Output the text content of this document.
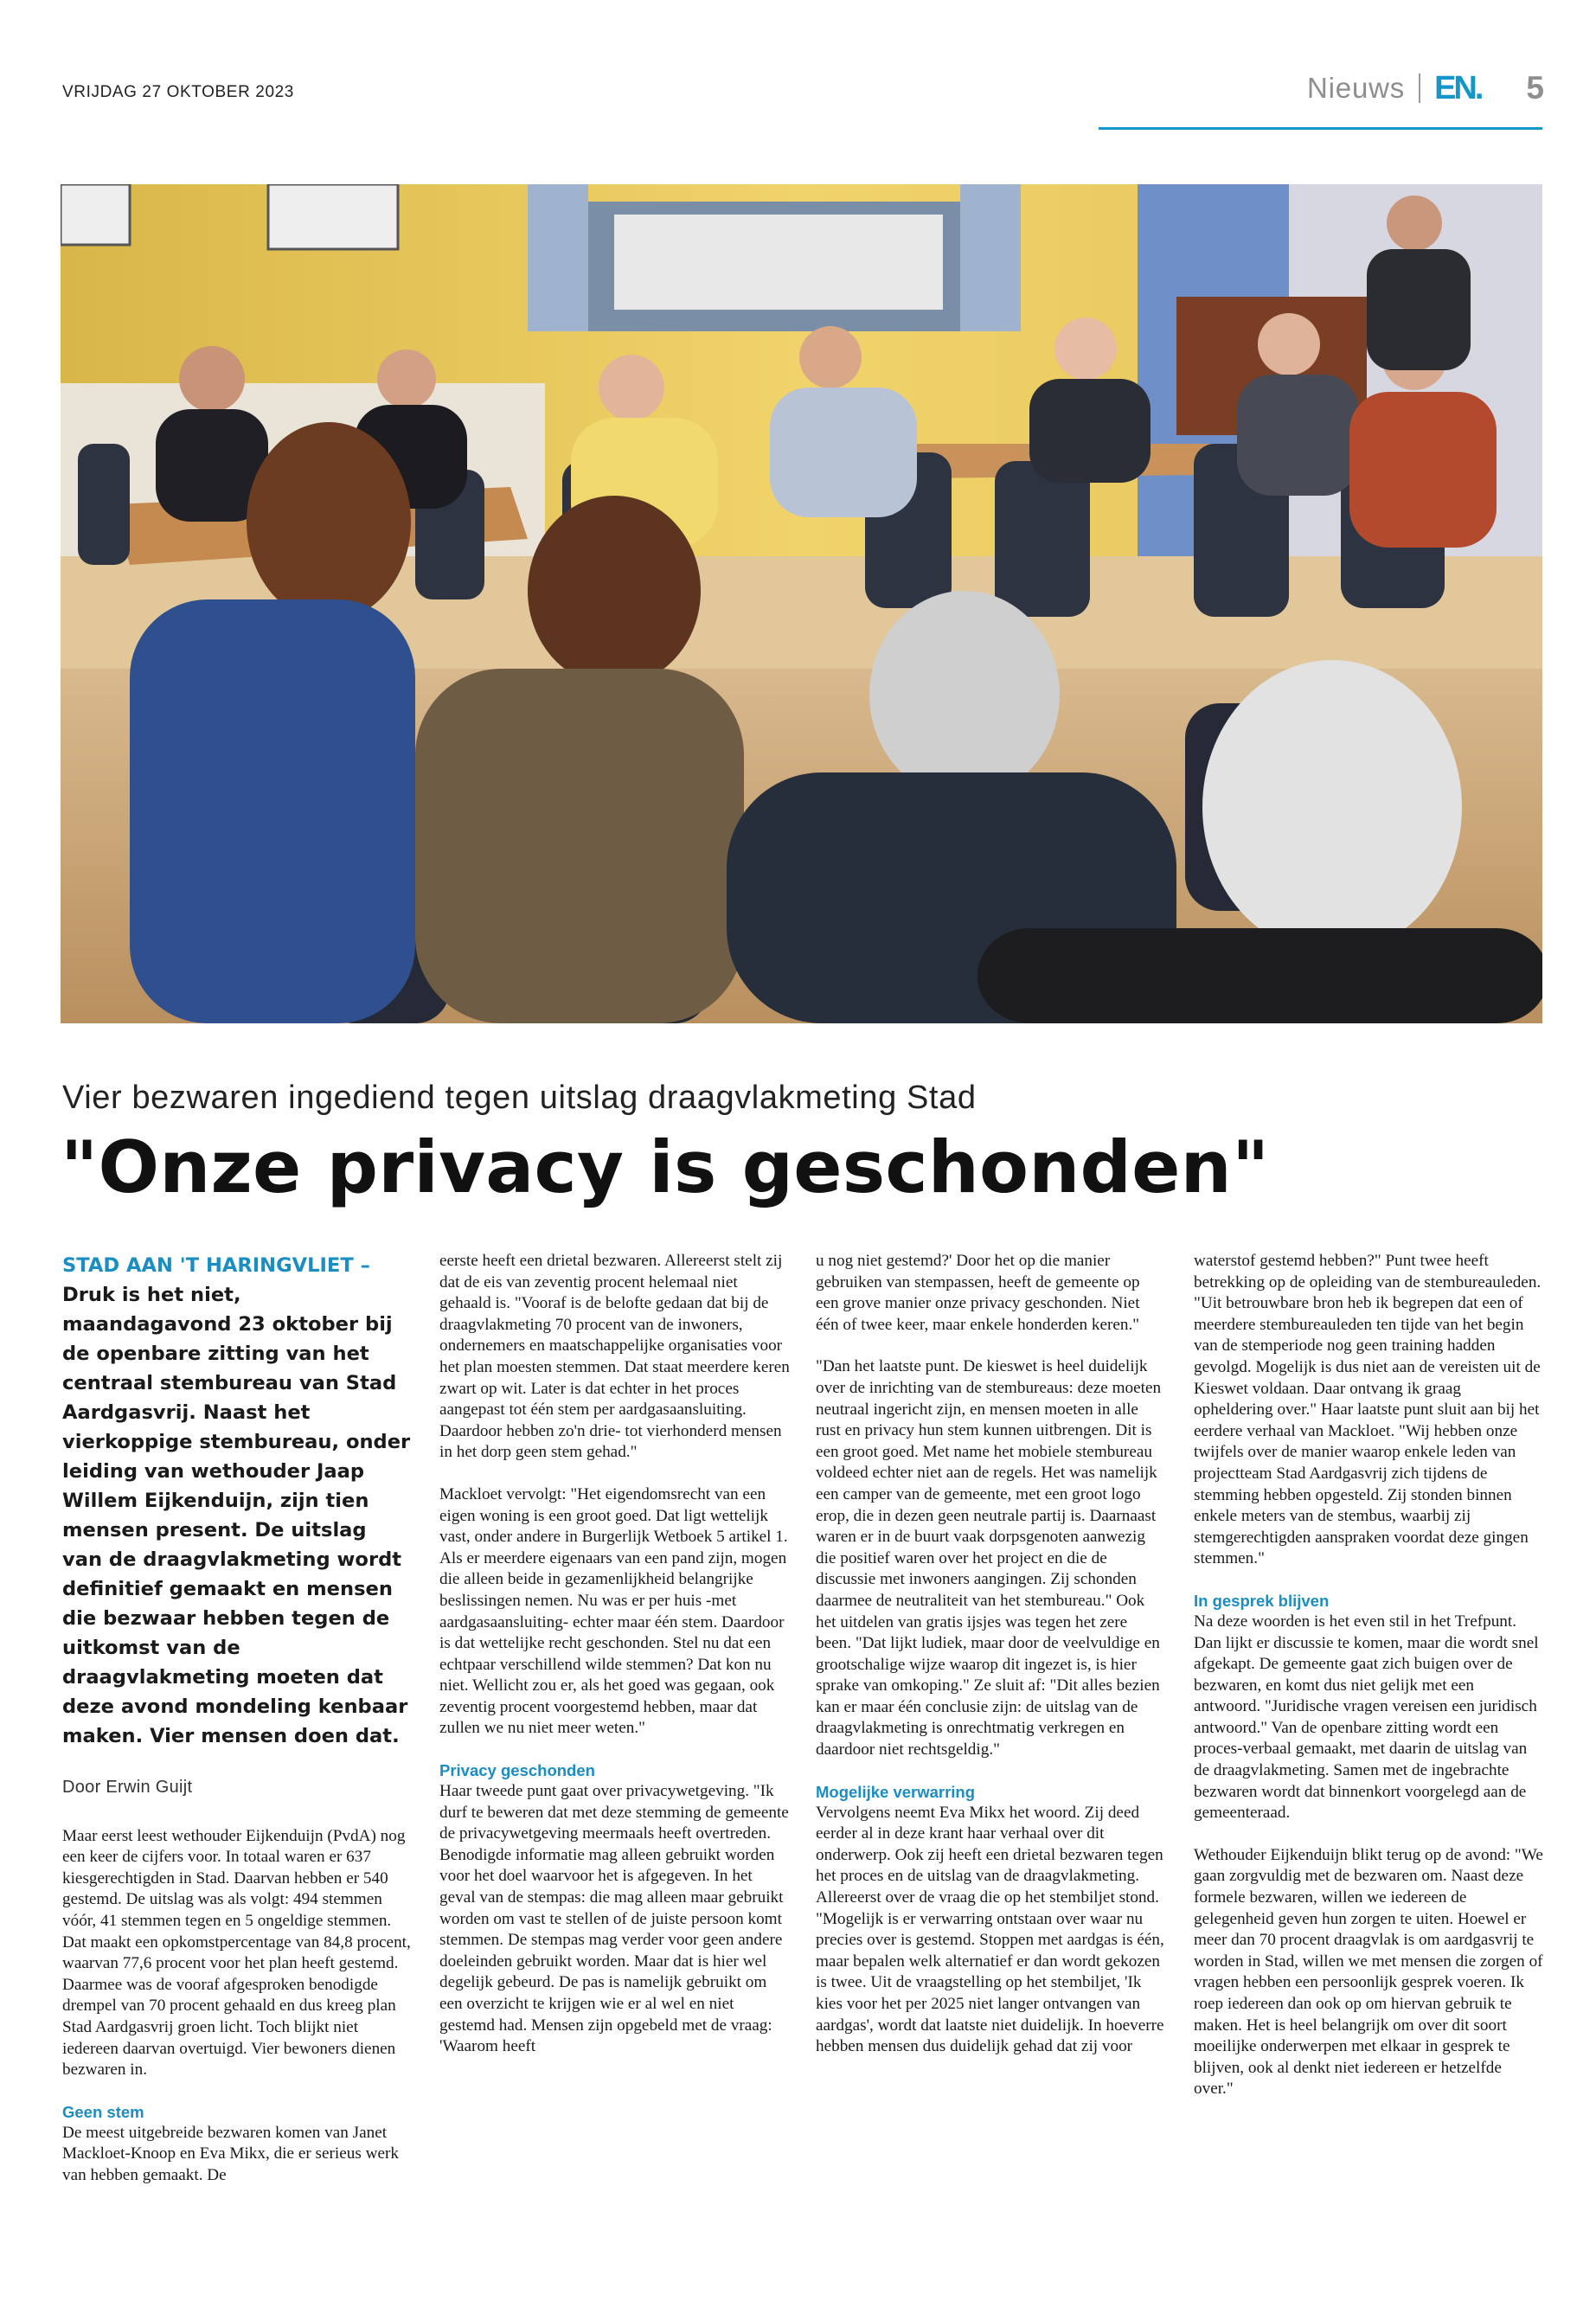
VRIJDAG 27 OKTOBER 2023	Nieuws EN. 5
Vier bezwaren ingediend tegen uitslag draagvlakmeting Stad
"Onze privacy is geschonden"

STAD AAN 'T HARINGVLIET – Druk is het niet, maandagavond 23 oktober bij de openbare zitting van het centraal stembureau van Stad Aardgasvrij. Naast het vierkoppige stembureau, onder leiding van wethouder Jaap Willem Eijkenduijn, zijn tien mensen present. De uitslag van de draagvlakmeting wordt definitief gemaakt en mensen die bezwaar hebben tegen de uitkomst van de draagvlakmeting moeten dat deze avond mondeling kenbaar maken. Vier mensen doen dat.

Door Erwin Guijt

Maar eerst leest wethouder Eijkenduijn (PvdA) nog een keer de cijfers voor. In totaal waren er 637 kiesgerechtigden in Stad. Daarvan hebben er 540 gestemd. De uitslag was als volgt: 494 stemmen vóór, 41 stemmen tegen en 5 ongeldige stemmen. Dat maakt een opkomstpercentage van 84,8 procent, waarvan 77,6 procent voor het plan heeft gestemd. Daarmee was de vooraf afgesproken benodigde drempel van 70 procent gehaald en dus kreeg plan Stad Aardgasvrij groen licht. Toch blijkt niet iedereen daarvan overtuigd. Vier bewoners dienen bezwaren in.

Geen stem

De meest uitgebreide bezwaren komen van Janet Mackloet-Knoop en Eva Mikx, die er serieus werk van hebben gemaakt. De

eerste heeft een drietal bezwaren. Allereerst stelt zij dat de eis van zeventig procent helemaal niet gehaald is. "Vooraf is de belofte gedaan dat bij de draagvlakmeting 70 procent van de inwoners, ondernemers en maatschappelijke organisaties voor het plan moesten stemmen. Dat staat meerdere keren zwart op wit. Later is dat echter in het proces aangepast tot één stem per aardgasaansluiting. Daardoor hebben zo'n drie- tot vierhonderd mensen in het dorp geen stem gehad."

Mackloet vervolgt: "Het eigendomsrecht van een eigen woning is een groot goed. Dat ligt wettelijk vast, onder andere in Burgerlijk Wetboek 5 artikel 1. Als er meerdere eigenaars van een pand zijn, mogen die alleen beide in gezamenlijkheid belangrijke beslissingen nemen. Nu was er per huis -met aardgasaansluiting- echter maar één stem. Daardoor is dat wettelijke recht geschonden. Stel nu dat een echtpaar verschillend wilde stemmen? Dat kon nu niet. Wellicht zou er, als het goed was gegaan, ook zeventig procent voorgestemd hebben, maar dat zullen we nu niet meer weten."

Privacy geschonden

Haar tweede punt gaat over privacywetgeving. "Ik durf te beweren dat met deze stemming de gemeente de privacywetgeving meermaals heeft overtreden. Benodigde informatie mag alleen gebruikt worden voor het doel waarvoor het is afgegeven. In het geval van de stempas: die mag alleen maar gebruikt worden om vast te stellen of de juiste persoon komt stemmen. De stempas mag verder voor geen andere doeleinden gebruikt worden. Maar dat is hier wel degelijk gebeurd. De pas is namelijk gebruikt om een overzicht te krijgen wie er al wel en niet gestemd had. Mensen zijn opgebeld met de vraag: 'Waarom heeft

u nog niet gestemd?' Door het op die manier gebruiken van stempassen, heeft de gemeente op een grove manier onze privacy geschonden. Niet één of twee keer, maar enkele honderden keren."

"Dan het laatste punt. De kieswet is heel duidelijk over de inrichting van de stembureaus: deze moeten neutraal ingericht zijn, en mensen moeten in alle rust en privacy hun stem kunnen uitbrengen. Dit is een groot goed. Met name het mobiele stembureau voldeed echter niet aan de regels. Het was namelijk een camper van de gemeente, met een groot logo erop, die in dezen geen neutrale partij is. Daarnaast waren er in de buurt vaak dorpsgenoten aanwezig die positief waren over het project en die de discussie met inwoners aangingen. Zij schonden daarmee de neutraliteit van het stembureau." Ook het uitdelen van gratis ijsjes was tegen het zere been. "Dat lijkt ludiek, maar door de veelvuldige en grootschalige wijze waarop dit ingezet is, is hier sprake van omkoping." Ze sluit af: "Dit alles bezien kan er maar één conclusie zijn: de uitslag van de draagvlakmeting is onrechtmatig verkregen en daardoor niet rechtsgeldig."

Mogelijke verwarring

Vervolgens neemt Eva Mikx het woord. Zij deed eerder al in deze krant haar verhaal over dit onderwerp. Ook zij heeft een drietal bezwaren tegen het proces en de uitslag van de draagvlakmeting. Allereerst over de vraag die op het stembiljet stond. "Mogelijk is er verwarring ontstaan over waar nu precies over is gestemd. Stoppen met aardgas is één, maar bepalen welk alternatief er dan wordt gekozen is twee. Uit de vraagstelling op het stembiljet, 'Ik kies voor het per 2025 niet langer ontvangen van aardgas', wordt dat laatste niet duidelijk. In hoeverre hebben mensen dus duidelijk gehad dat zij voor

waterstof gestemd hebben?" Punt twee heeft betrekking op de opleiding van de stembureauleden. "Uit betrouwbare bron heb ik begrepen dat een of meerdere stembureauleden ten tijde van het begin van de stemperiode nog geen training hadden gevolgd. Mogelijk is dus niet aan de vereisten uit de Kieswet voldaan. Daar ontvang ik graag opheldering over." Haar laatste punt sluit aan bij het eerdere verhaal van Mackloet. "Wij hebben onze twijfels over de manier waarop enkele leden van projectteam Stad Aardgasvrij zich tijdens de stemming hebben opgesteld. Zij stonden binnen enkele meters van de stembus, waarbij zij stemgerechtigden aanspraken voordat deze gingen stemmen."

In gesprek blijven

Na deze woorden is het even stil in het Trefpunt. Dan lijkt er discussie te komen, maar die wordt snel afgekapt. De gemeente gaat zich buigen over de bezwaren, en komt dus niet gelijk met een antwoord. "Juridische vragen vereisen een juridisch antwoord." Van de openbare zitting wordt een proces-verbaal gemaakt, met daarin de uitslag van de draagvlakmeting. Samen met de ingebrachte bezwaren wordt dat binnenkort voorgelegd aan de gemeenteraad.

Wethouder Eijkenduijn blikt terug op de avond: "We gaan zorgvuldig met de bezwaren om. Naast deze formele bezwaren, willen we iedereen de gelegenheid geven hun zorgen te uiten. Hoewel er meer dan 70 procent draagvlak is om aardgasvrij te worden in Stad, willen we met mensen die zorgen of vragen hebben een persoonlijk gesprek voeren. Ik roep iedereen dan ook op om hiervan gebruik te maken. Het is heel belangrijk om over dit soort moeilijke onderwerpen met elkaar in gesprek te blijven, ook al denkt niet iedereen er hetzelfde over."
